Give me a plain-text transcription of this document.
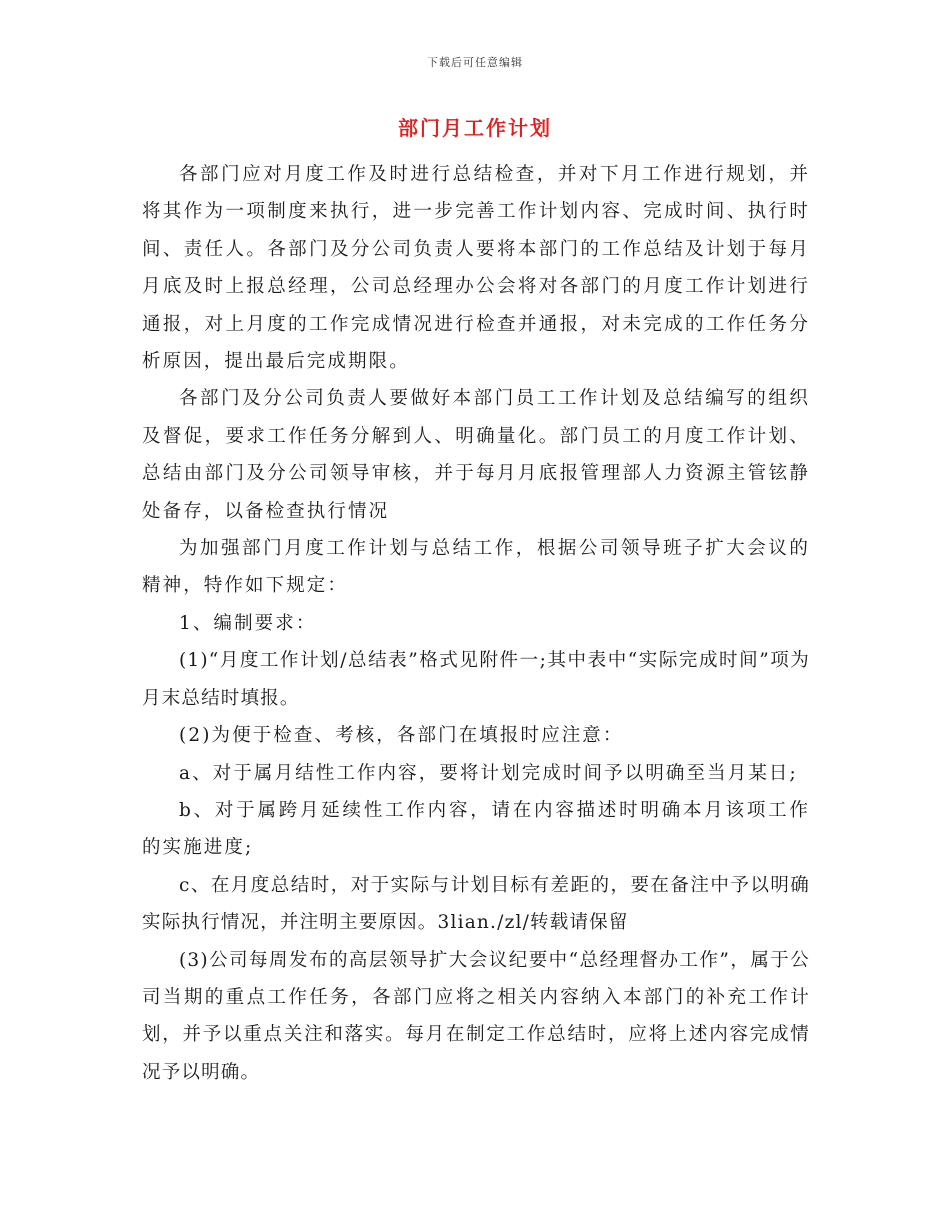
下载后可任意编辑
部门月工作计划

各部门应对月度工作及时进行总结检查，并对下月工作进行规划，并将其作为一项制度来执行，进一步完善工作计划内容、完成时间、执行时间、责任人。各部门及分公司负责人要将本部门的工作总结及计划于每月月底及时上报总经理，公司总经理办公会将对各部门的月度工作计划进行通报，对上月度的工作完成情况进行检查并通报，对未完成的工作任务分析原因，提出最后完成期限。

各部门及分公司负责人要做好本部门员工工作计划及总结编写的组织及督促，要求工作任务分解到人、明确量化。部门员工的月度工作计划、总结由部门及分公司领导审核，并于每月月底报管理部人力资源主管铉静处备存，以备检查执行情况

为加强部门月度工作计划与总结工作，根据公司领导班子扩大会议的精神，特作如下规定：

1、编制要求：

(1)“月度工作计划/总结表”格式见附件一;其中表中“实际完成时间”项为月末总结时填报。

(2)为便于检查、考核，各部门在填报时应注意：

a、对于属月结性工作内容，要将计划完成时间予以明确至当月某日;

b、对于属跨月延续性工作内容，请在内容描述时明确本月该项工作的实施进度;

c、在月度总结时，对于实际与计划目标有差距的，要在备注中予以明确实际执行情况，并注明主要原因。3lian./zl/转载请保留

(3)公司每周发布的高层领导扩大会议纪要中“总经理督办工作”，属于公司当期的重点工作任务，各部门应将之相关内容纳入本部门的补充工作计划，并予以重点关注和落实。每月在制定工作总结时，应将上述内容完成情况予以明确。
